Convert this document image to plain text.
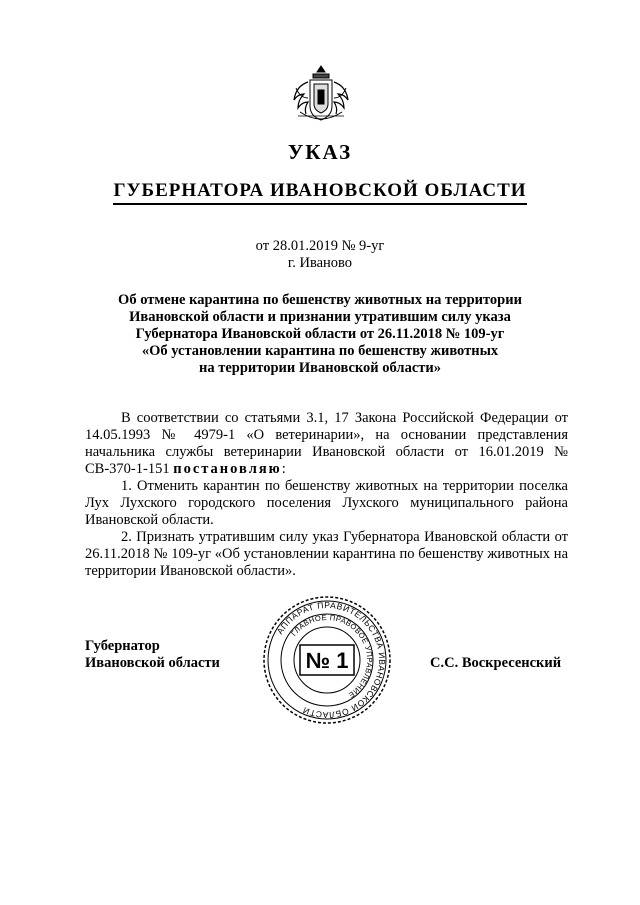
УКАЗ
ГУБЕРНАТОРА ИВАНОВСКОЙ ОБЛАСТИ
от 28.01.2019 № 9-уг
г. Иваново
Об отмене карантина по бешенству животных на территории
Ивановской области и признании утратившим силу указа
Губернатора Ивановской области от 26.11.2018 № 109-уг
«Об установлении карантина по бешенству животных
на территории Ивановской области»

В соответствии со статьями 3.1, 17 Закона Российской Федерации от 14.05.1993 № 4979-1 «О ветеринарии», на основании представления начальника службы ветеринарии Ивановской области от 16.01.2019 № СВ-370-1-151 постановляю:

1. Отменить карантин по бешенству животных на территории поселка Лух Лухского городского поселения Лухского муниципального района Ивановской области.

2. Признать утратившим силу указ Губернатора Ивановской области от 26.11.2018 № 109-уг «Об установлении карантина по бешенству животных на территории Ивановской области».

Губернатор
Ивановской области
АППАРАТ ПРАВИТЕЛЬСТВА ИВАНОВСКОЙ ОБЛАСТИ
ГЛАВНОЕ ПРАВОВОЕ УПРАВЛЕНИЕ
№ 1	С.С. Воскресенский
